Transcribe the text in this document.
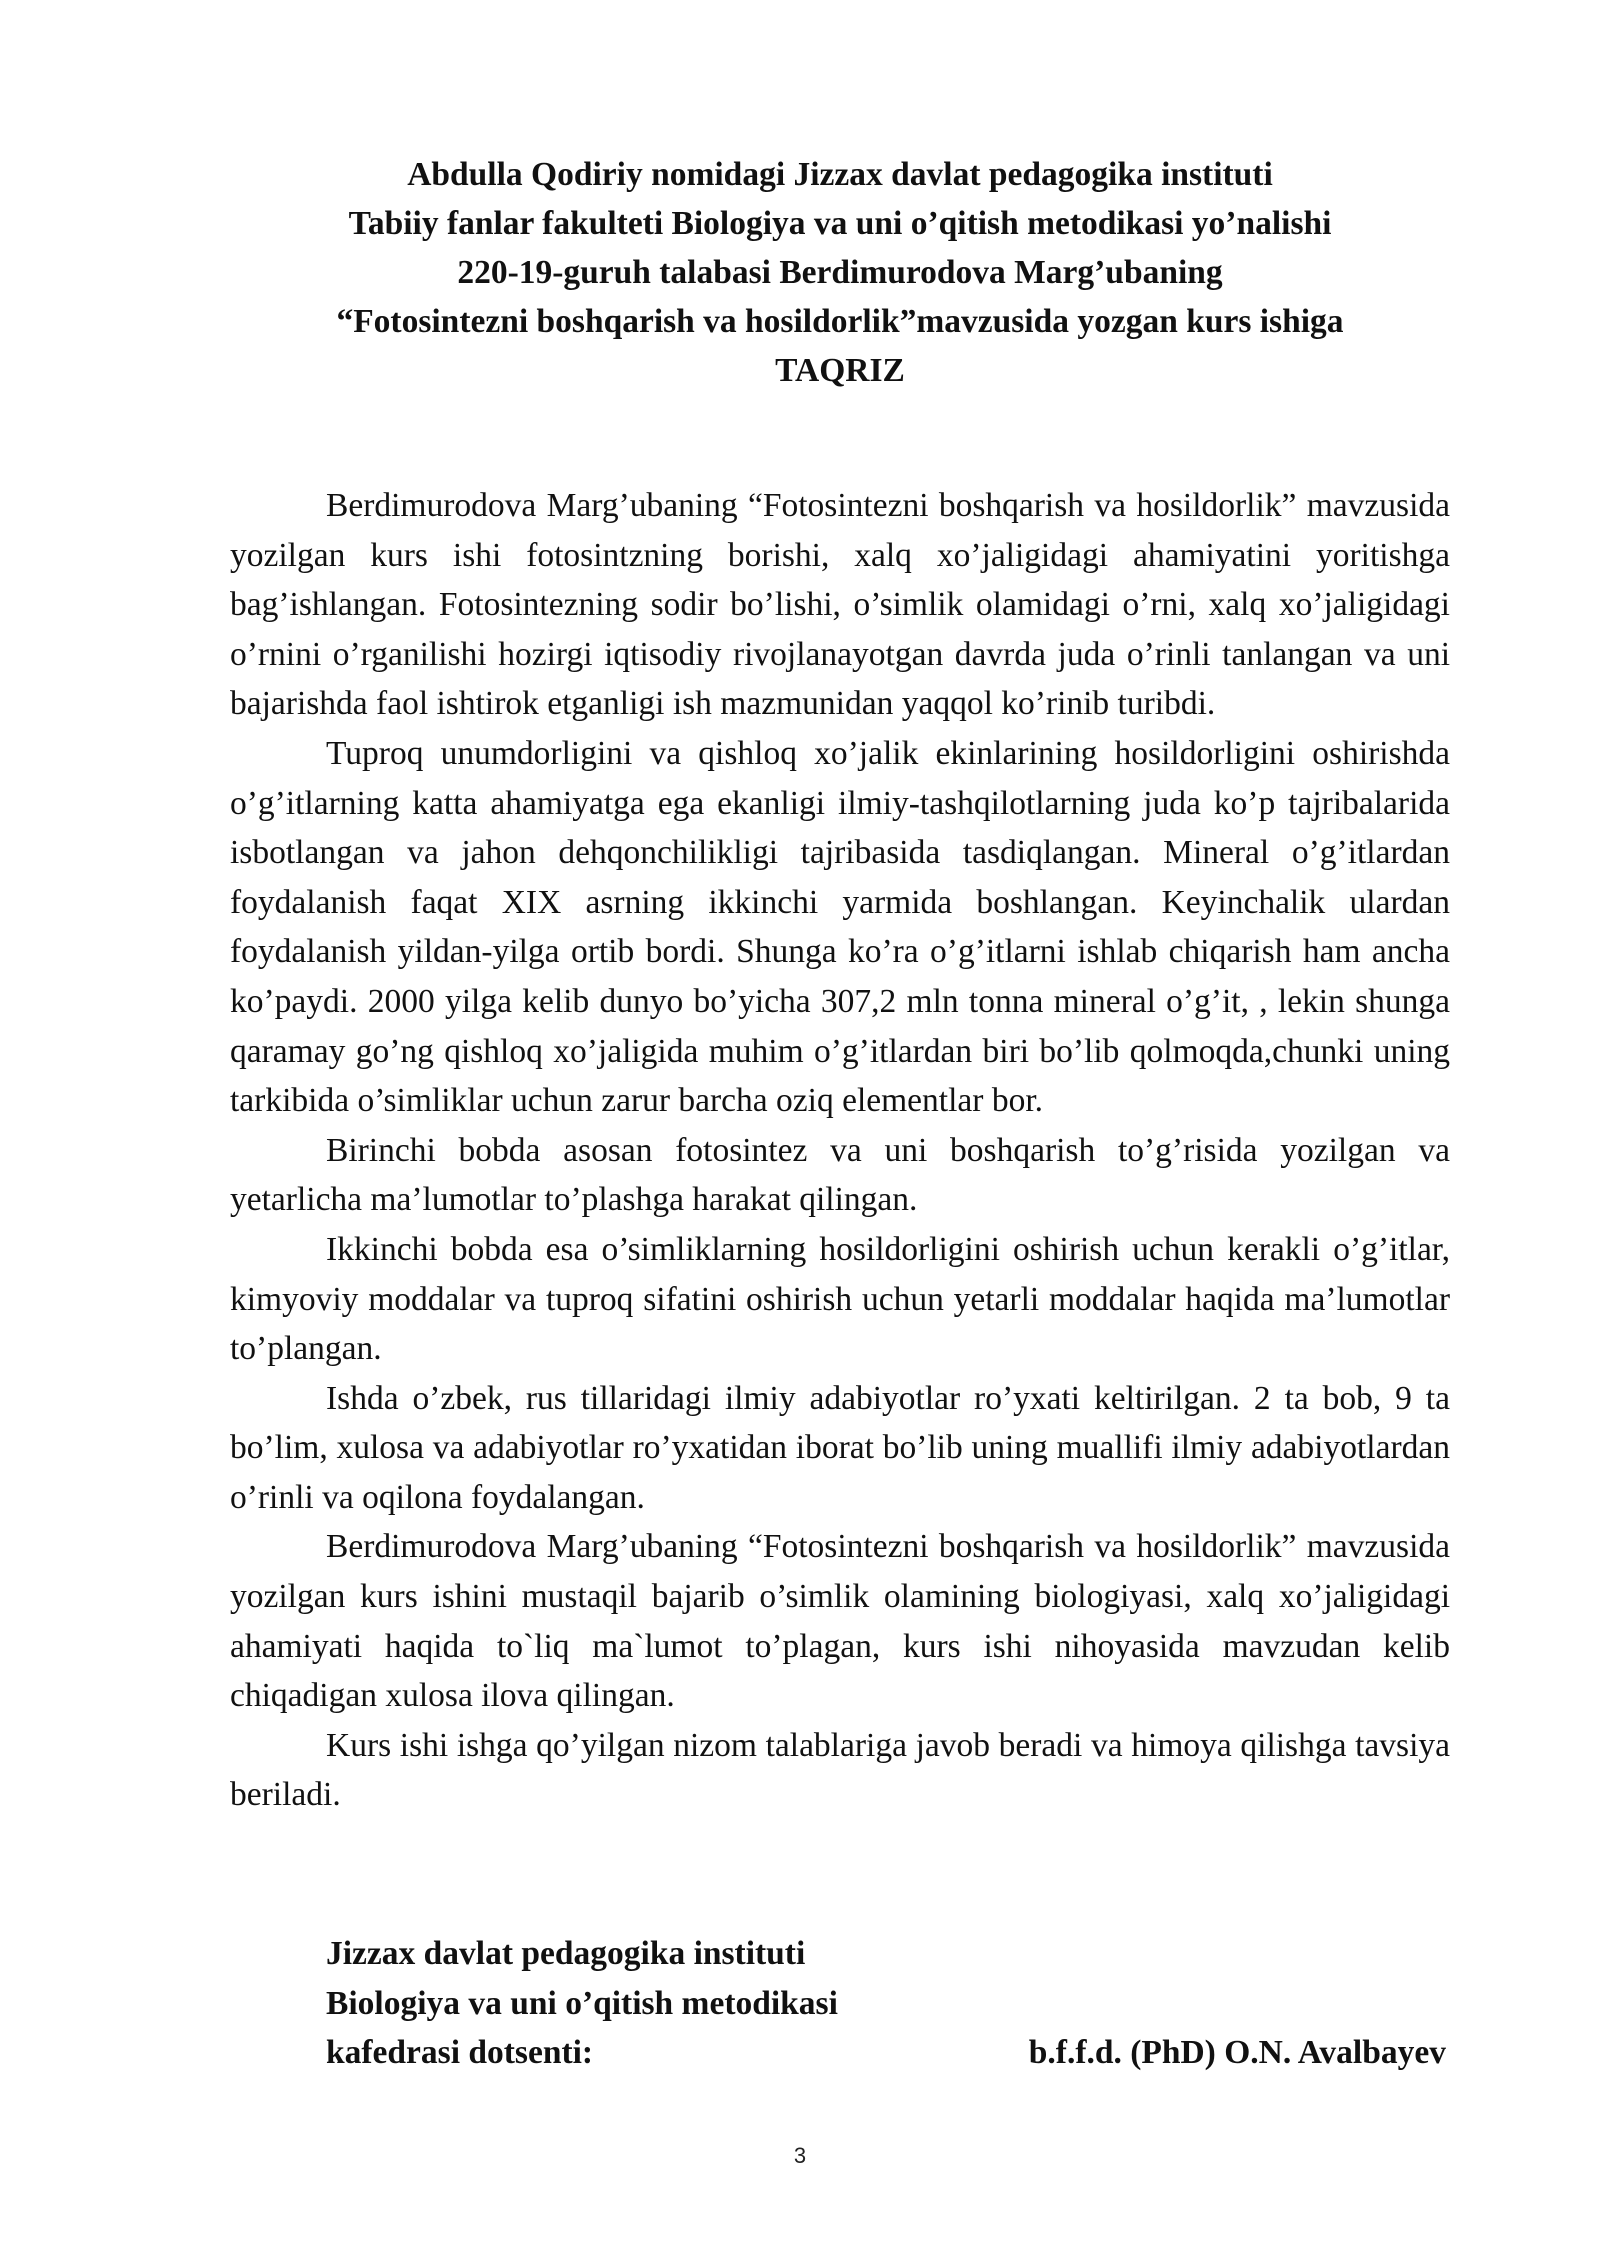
Abdulla Qodiriy nomidagi Jizzax davlat pedagogika instituti
Tabiiy fanlar fakulteti Biologiya va uni o’qitish metodikasi yo’nalishi
220-19-guruh talabasi Berdimurodova Marg’ubaning
“Fotosintezni boshqarish va hosildorlik”mavzusida yozgan kurs ishiga
TAQRIZ

Berdimurodova Marg’ubaning “Fotosintezni boshqarish va hosildorlik” mavzusida yozilgan kurs ishi fotosintzning borishi, xalq xo’jaligidagi ahamiyatini yoritishga bag’ishlangan. Fotosintezning sodir bo’lishi, o’simlik olamidagi o’rni, xalq xo’jaligidagi o’rnini o’rganilishi hozirgi iqtisodiy rivojlanayotgan davrda juda o’rinli tanlangan va uni bajarishda faol ishtirok etganligi ish mazmunidan yaqqol ko’rinib turibdi.

Tuproq unumdorligini va qishloq xo’jalik ekinlarining hosildorligini oshirishda o’g’itlarning katta ahamiyatga ega ekanligi ilmiy-tashqilotlarning juda ko’p tajribalarida isbotlangan va jahon dehqonchilikligi tajribasida tasdiqlangan. Mineral o’g’itlardan foydalanish faqat XIX asrning ikkinchi yarmida boshlangan. Keyinchalik ulardan foydalanish yildan-yilga ortib bordi. Shunga ko’ra o’g’itlarni ishlab chiqarish ham ancha ko’paydi. 2000 yilga kelib dunyo bo’yicha 307,2 mln tonna mineral o’g’it, , lekin shunga qaramay go’ng qishloq xo’jaligida muhim o’g’itlardan biri bo’lib qolmoqda,chunki uning tarkibida o’simliklar uchun zarur barcha oziq elementlar bor.

Birinchi bobda asosan fotosintez va uni boshqarish to’g’risida yozilgan va yetarlicha ma’lumotlar to’plashga harakat qilingan.

Ikkinchi bobda esa o’simliklarning hosildorligini oshirish uchun kerakli o’g’itlar, kimyoviy moddalar va tuproq sifatini oshirish uchun yetarli moddalar haqida ma’lumotlar to’plangan.

Ishda o’zbek, rus tillaridagi ilmiy adabiyotlar ro’yxati keltirilgan. 2 ta bob, 9 ta bo’lim, xulosa va adabiyotlar ro’yxatidan iborat bo’lib uning muallifi ilmiy adabiyotlardan o’rinli va oqilona foydalangan.

Berdimurodova Marg’ubaning “Fotosintezni boshqarish va hosildorlik” mavzusida yozilgan kurs ishini mustaqil bajarib o’simlik olamining biologiyasi, xalq xo’jaligidagi ahamiyati haqida to`liq ma`lumot to’plagan, kurs ishi nihoyasida mavzudan kelib chiqadigan xulosa ilova qilingan.

Kurs ishi ishga qo’yilgan nizom talablariga javob beradi va himoya qilishga tavsiya beriladi.

Jizzax davlat pedagogika instituti
Biologiya va uni o’qitish metodikasi
kafedrasi dotsenti:	b.f.f.d. (PhD) O.N. Avalbayev
3
